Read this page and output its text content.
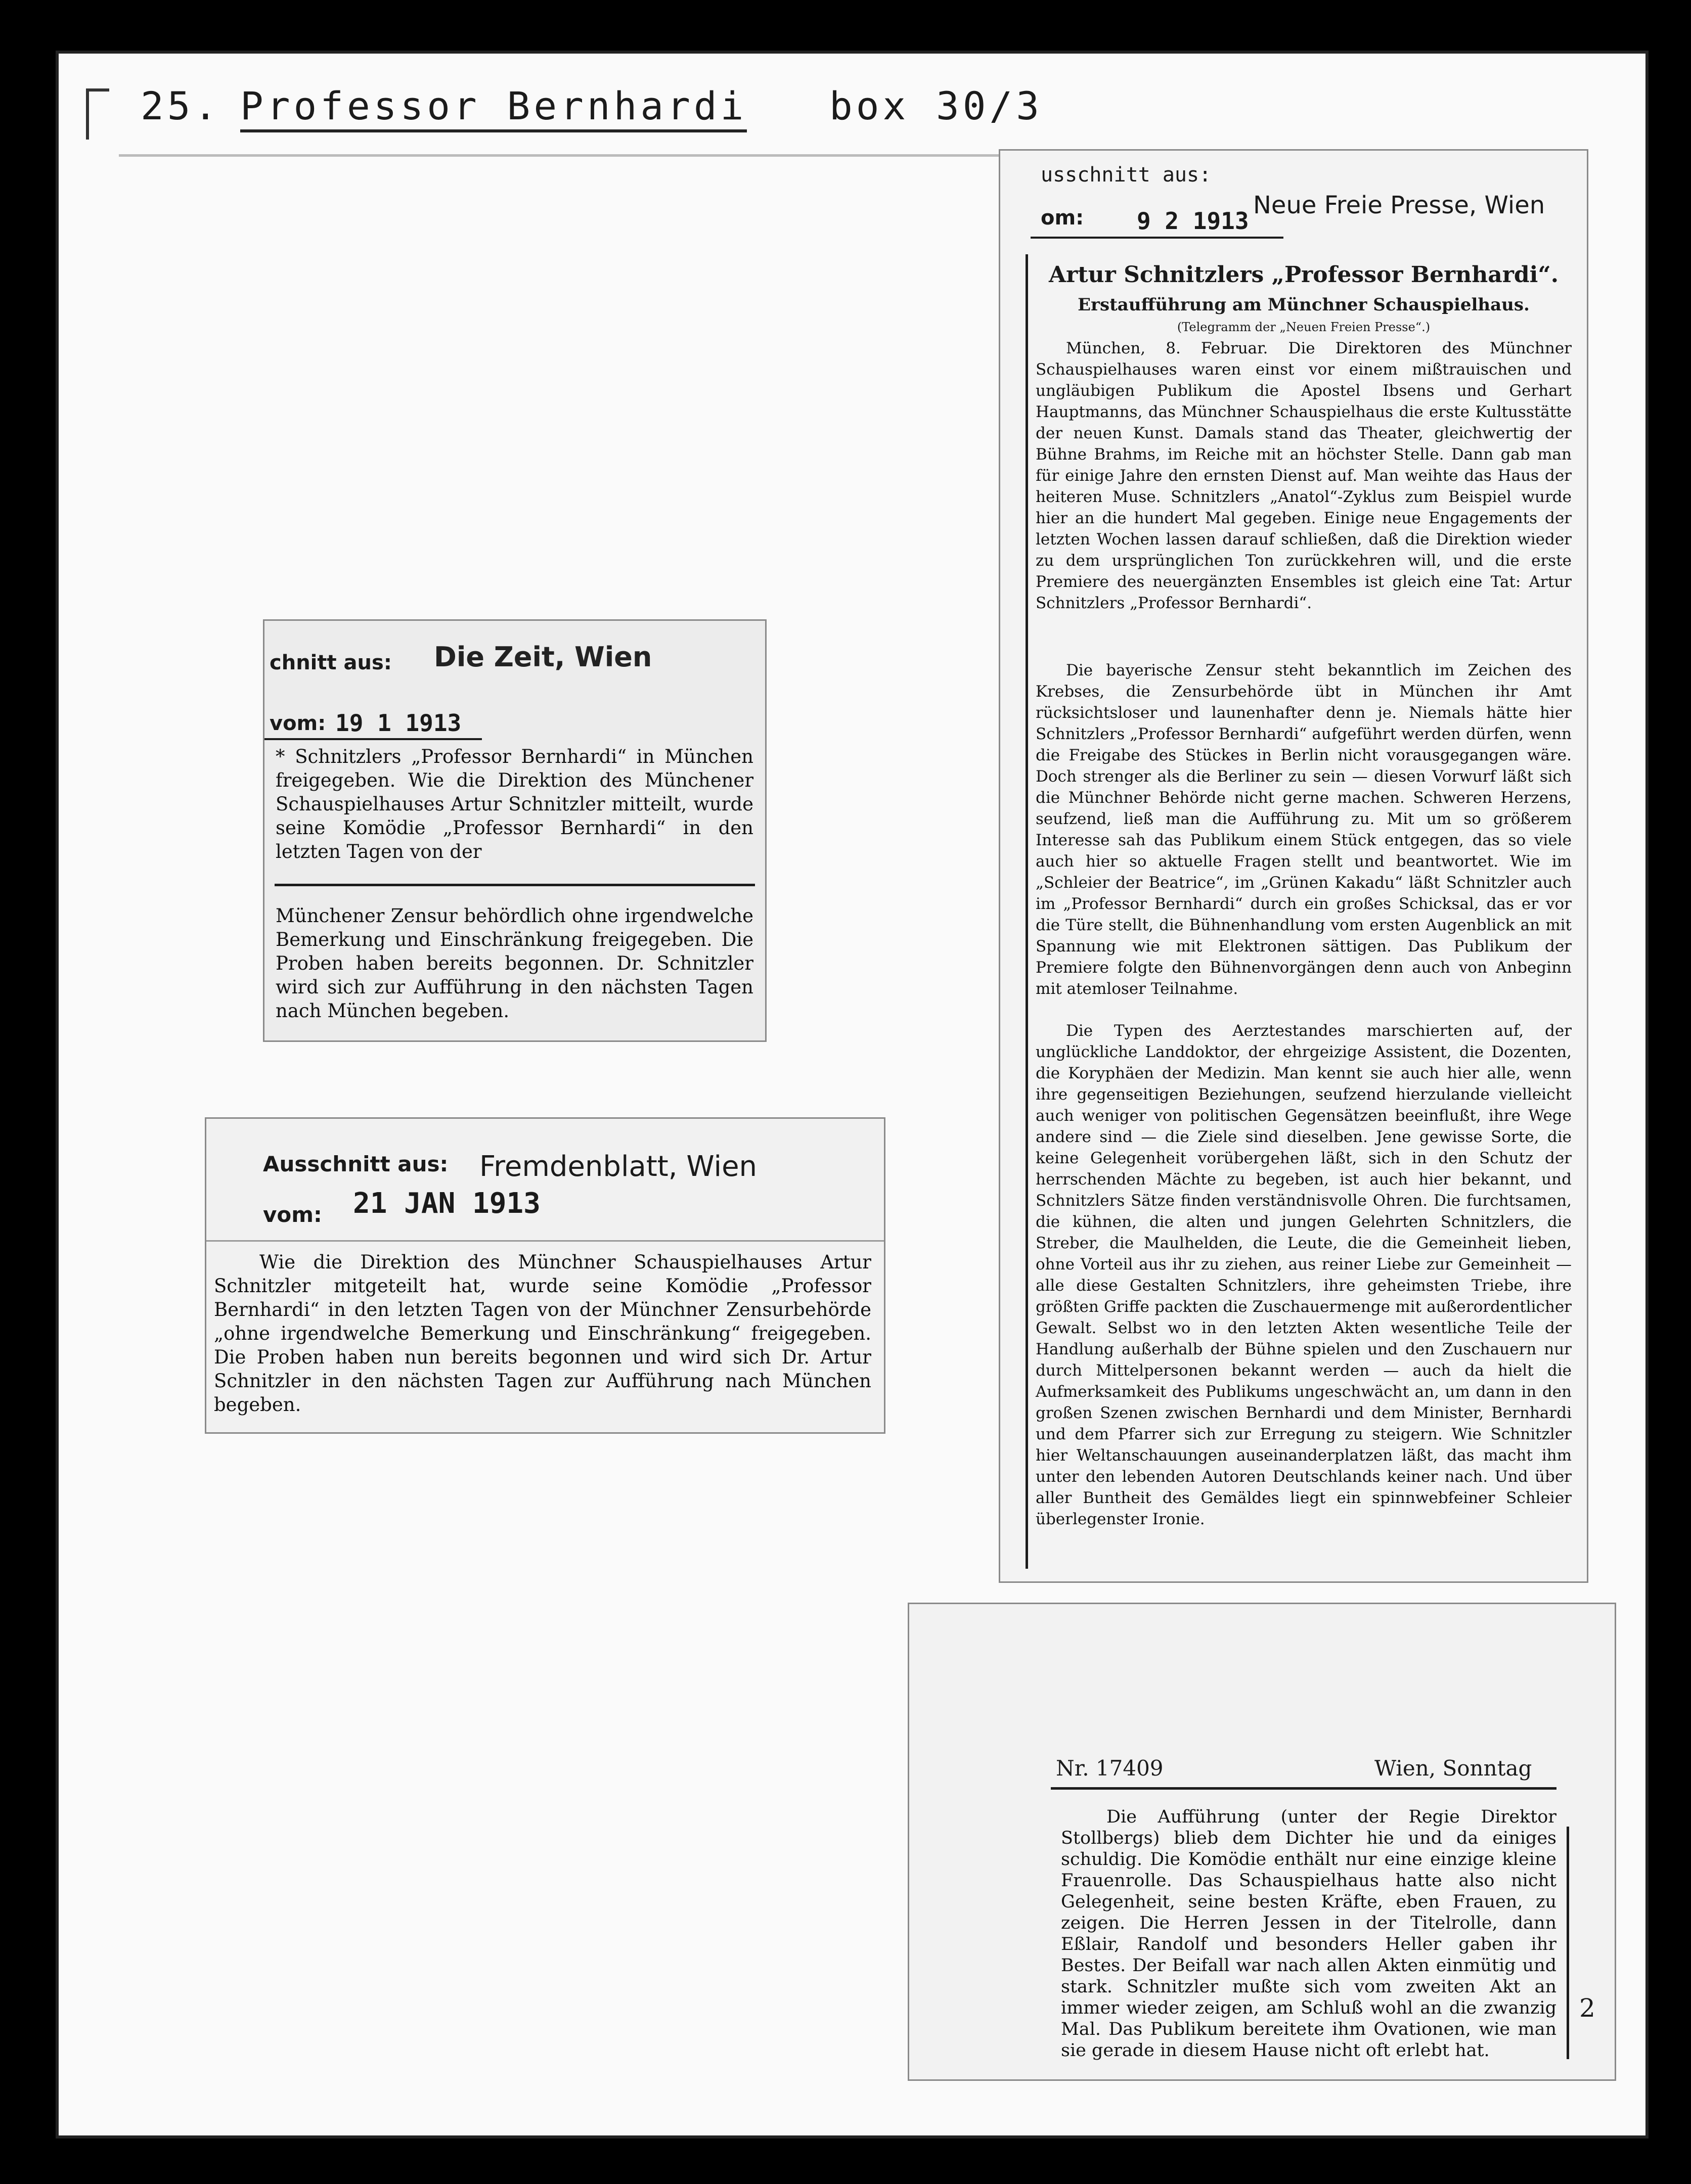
25. Professor Bernhardi box 30/3
chnitt aus: Die Zeit, Wien
vom: 19 1 1913
* Schnitzlers „Professor Bernhardi“ in München freigegeben. Wie die Direktion des Münchener Schauspielhauses Artur Schnitzler mitteilt, wurde seine Komödie „Professor Bernhardi“ in den letzten Tagen von der
Münchener Zensur behördlich ohne irgendwelche Bemerkung und Einschränkung freigegeben. Die Proben haben bereits begonnen. Dr. Schnitzler wird sich zur Aufführung in den nächsten Tagen nach München begeben.
Ausschnitt aus: Fremdenblatt, Wien
vom: 21 JAN 1913
Wie die Direktion des Münchner Schauspielhauses Artur Schnitzler mitgeteilt hat, wurde seine Komödie „Professor Bernhardi“ in den letzten Tagen von der Münchner Zensurbehörde „ohne irgendwelche Bemerkung und Einschränkung“ freigegeben. Die Proben haben nun bereits begonnen und wird sich Dr. Artur Schnitzler in den nächsten Tagen zur Aufführung nach München begeben.
usschnitt aus:
Neue Freie Presse, Wien
om: 9 2 1913
Artur Schnitzlers „Professor Bernhardi“.
Erstaufführung am Münchner Schauspielhaus.
(Telegramm der „Neuen Freien Presse“.)
München, 8. Februar. Die Direktoren des Münchner Schauspielhauses waren einst vor einem mißtrauischen und ungläubigen Publikum die Apostel Ibsens und Gerhart Hauptmanns, das Münchner Schauspielhaus die erste Kultusstätte der neuen Kunst. Damals stand das Theater, gleichwertig der Bühne Brahms, im Reiche mit an höchster Stelle. Dann gab man für einige Jahre den ernsten Dienst auf. Man weihte das Haus der heiteren Muse. Schnitzlers „Anatol“-Zyklus zum Beispiel wurde hier an die hundert Mal gegeben. Einige neue Engagements der letzten Wochen lassen darauf schließen, daß die Direktion wieder zu dem ursprünglichen Ton zurückkehren will, und die erste Premiere des neuergänzten Ensembles ist gleich eine Tat: Artur Schnitzlers „Professor Bernhardi“.
Die bayerische Zensur steht bekanntlich im Zeichen des Krebses, die Zensurbehörde übt in München ihr Amt rücksichtsloser und launenhafter denn je. Niemals hätte hier Schnitzlers „Professor Bernhardi“ aufgeführt werden dürfen, wenn die Freigabe des Stückes in Berlin nicht vorausgegangen wäre. Doch strenger als die Berliner zu sein — diesen Vorwurf läßt sich die Münchner Behörde nicht gerne machen. Schweren Herzens, seufzend, ließ man die Aufführung zu. Mit um so größerem Interesse sah das Publikum einem Stück entgegen, das so viele auch hier so aktuelle Fragen stellt und beantwortet. Wie im „Schleier der Beatrice“, im „Grünen Kakadu“ läßt Schnitzler auch im „Professor Bernhardi“ durch ein großes Schicksal, das er vor die Türe stellt, die Bühnenhandlung vom ersten Augenblick an mit Spannung wie mit Elektronen sättigen. Das Publikum der Premiere folgte den Bühnenvorgängen denn auch von Anbeginn mit atemloser Teilnahme.
Die Typen des Aerztestandes marschierten auf, der unglückliche Landdoktor, der ehrgeizige Assistent, die Dozenten, die Koryphäen der Medizin. Man kennt sie auch hier alle, wenn ihre gegenseitigen Beziehungen, seufzend hierzulande vielleicht auch weniger von politischen Gegensätzen beeinflußt, ihre Wege andere sind — die Ziele sind dieselben. Jene gewisse Sorte, die keine Gelegenheit vorübergehen läßt, sich in den Schutz der herrschenden Mächte zu begeben, ist auch hier bekannt, und Schnitzlers Sätze finden verständnisvolle Ohren. Die furchtsamen, die kühnen, die alten und jungen Gelehrten Schnitzlers, die Streber, die Maulhelden, die Leute, die die Gemeinheit lieben, ohne Vorteil aus ihr zu ziehen, aus reiner Liebe zur Gemeinheit — alle diese Gestalten Schnitzlers, ihre geheimsten Triebe, ihre größten Griffe packten die Zuschauermenge mit außerordentlicher Gewalt. Selbst wo in den letzten Akten wesentliche Teile der Handlung außerhalb der Bühne spielen und den Zuschauern nur durch Mittelpersonen bekannt werden — auch da hielt die Aufmerksamkeit des Publikums ungeschwächt an, um dann in den großen Szenen zwischen Bernhardi und dem Minister, Bernhardi und dem Pfarrer sich zur Erregung zu steigern. Wie Schnitzler hier Weltanschauungen auseinanderplatzen läßt, das macht ihm unter den lebenden Autoren Deutschlands keiner nach. Und über aller Buntheit des Gemäldes liegt ein spinnwebfeiner Schleier überlegenster Ironie.
Nr. 17409	Wien, Sonntag
Die Aufführung (unter der Regie Direktor Stollbergs) blieb dem Dichter hie und da einiges schuldig. Die Komödie enthält nur eine einzige kleine Frauenrolle. Das Schauspielhaus hatte also nicht Gelegenheit, seine besten Kräfte, eben Frauen, zu zeigen. Die Herren Jessen in der Titelrolle, dann Eßlair, Randolf und besonders Heller gaben ihr Bestes. Der Beifall war nach allen Akten einmütig und stark. Schnitzler mußte sich vom zweiten Akt an immer wieder zeigen, am Schluß wohl an die zwanzig Mal. Das Publikum bereitete ihm Ovationen, wie man sie gerade in diesem Hause nicht oft erlebt hat.
2
